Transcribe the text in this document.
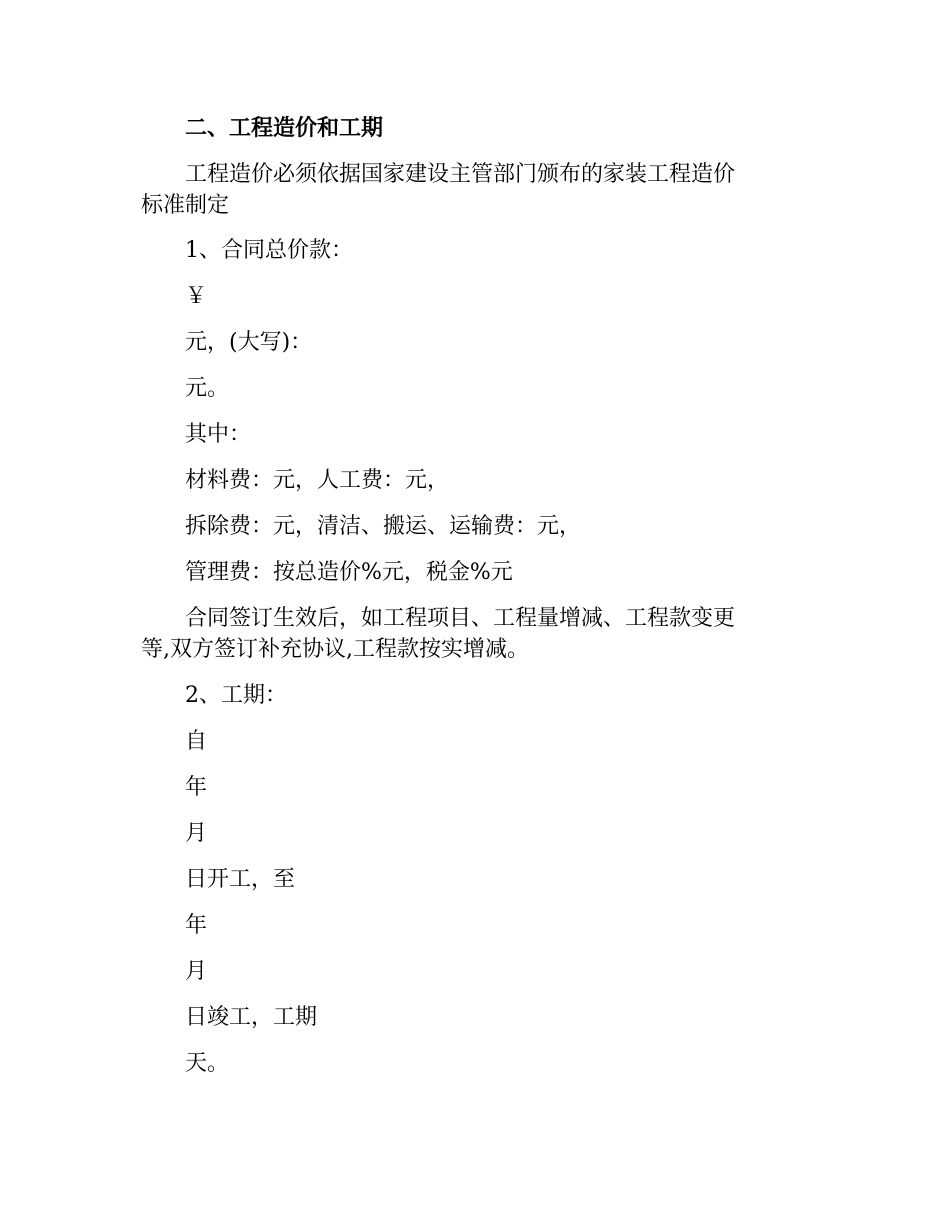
二、工程造价和工期
工程造价必须依据国家建设主管部门颁布的家装工程造价
标准制定
1、合同总价款：
￥
元，(大写)：
元。
其中：
材料费：元，人工费：元，
拆除费：元，清洁、搬运、运输费：元，
管理费：按总造价%元，税金%元
合同签订生效后，如工程项目、工程量增减、工程款变更
等,双方签订补充协议,工程款按实增减。
2、工期：
自
年
月
日开工，至
年
月
日竣工，工期
天。
